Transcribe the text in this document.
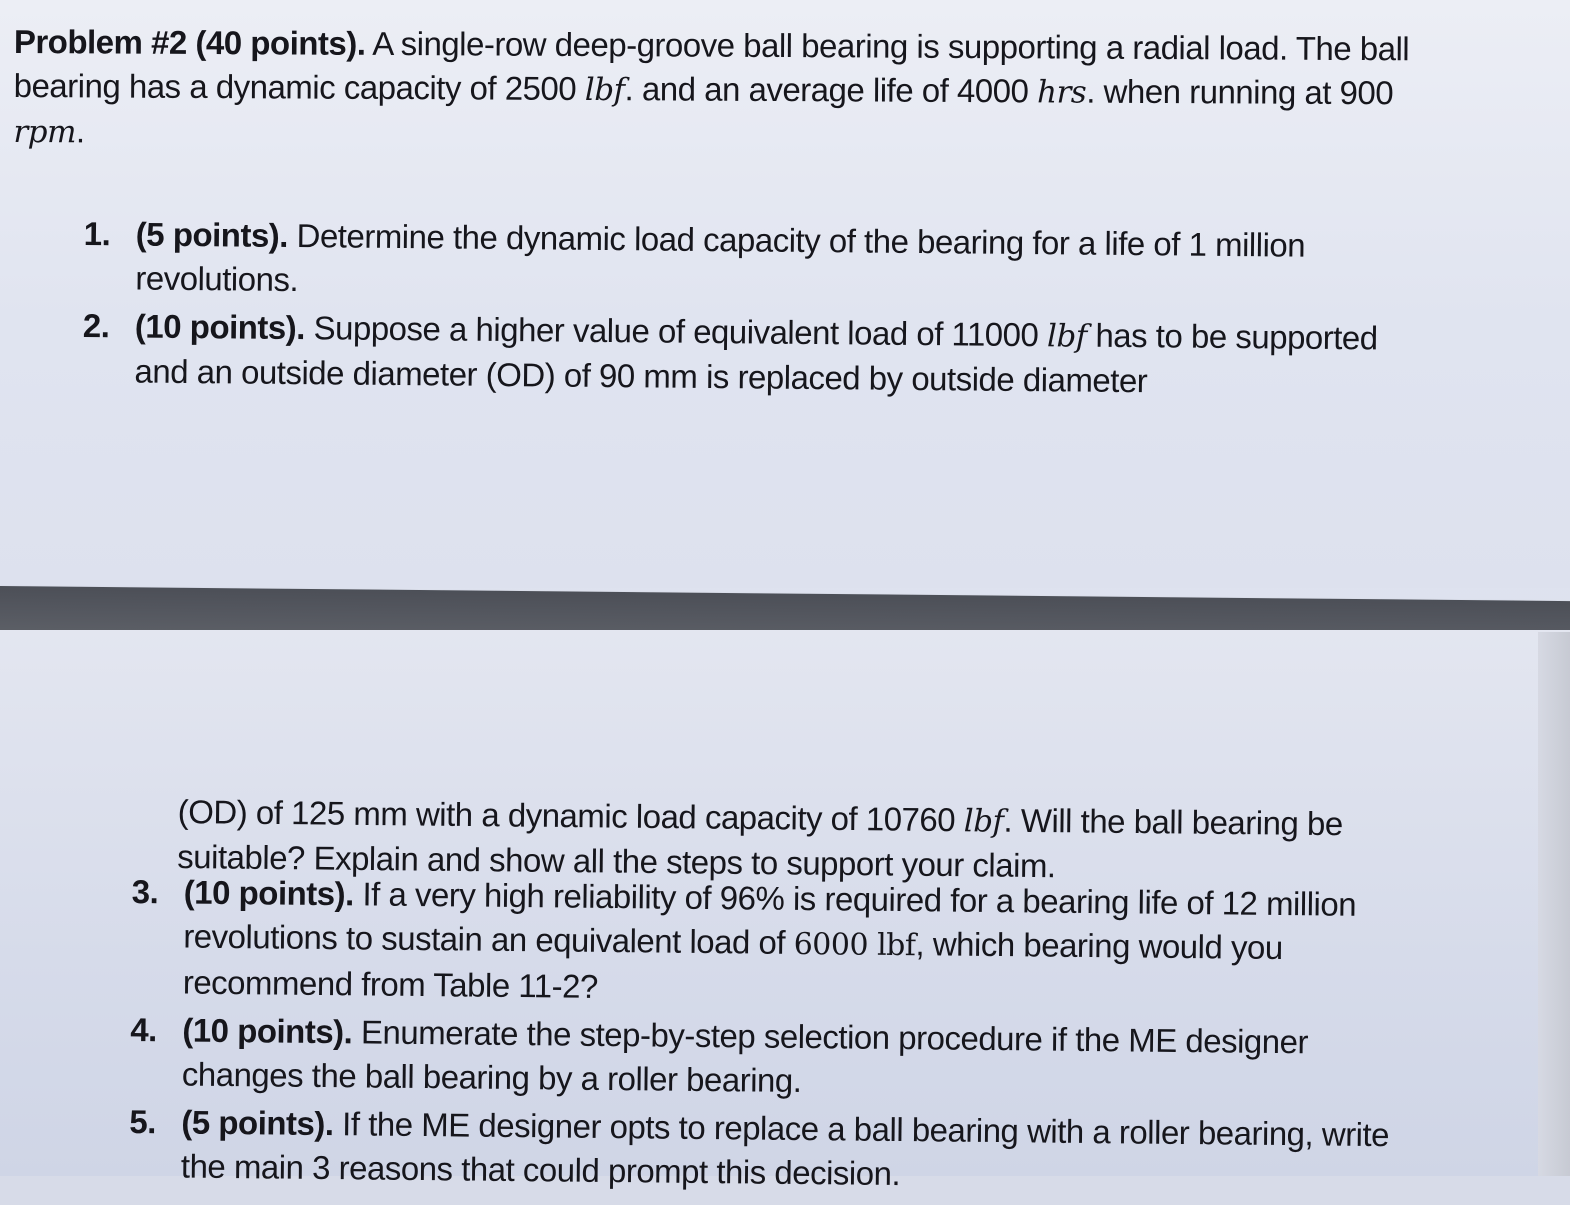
Problem #2 (40 points). A single-row deep-groove ball bearing is supporting a radial load. The ball bearing has a dynamic capacity of 2500 lbf. and an average life of 4000 hrs. when running at 900 rpm.
1. (5 points). Determine the dynamic load capacity of the bearing for a life of 1 million revolutions.
2. (10 points). Suppose a higher value of equivalent load of 11000 lbf has to be supported and an outside diameter (OD) of 90 mm is replaced by outside diameter
(OD) of 125 mm with a dynamic load capacity of 10760 lbf. Will the ball bearing be suitable? Explain and show all the steps to support your claim.
3. (10 points). If a very high reliability of 96% is required for a bearing life of 12 million revolutions to sustain an equivalent load of 6000 lbf, which bearing would you recommend from Table 11-2?
4. (10 points). Enumerate the step-by-step selection procedure if the ME designer changes the ball bearing by a roller bearing.
5. (5 points). If the ME designer opts to replace a ball bearing with a roller bearing, write the main 3 reasons that could prompt this decision.
